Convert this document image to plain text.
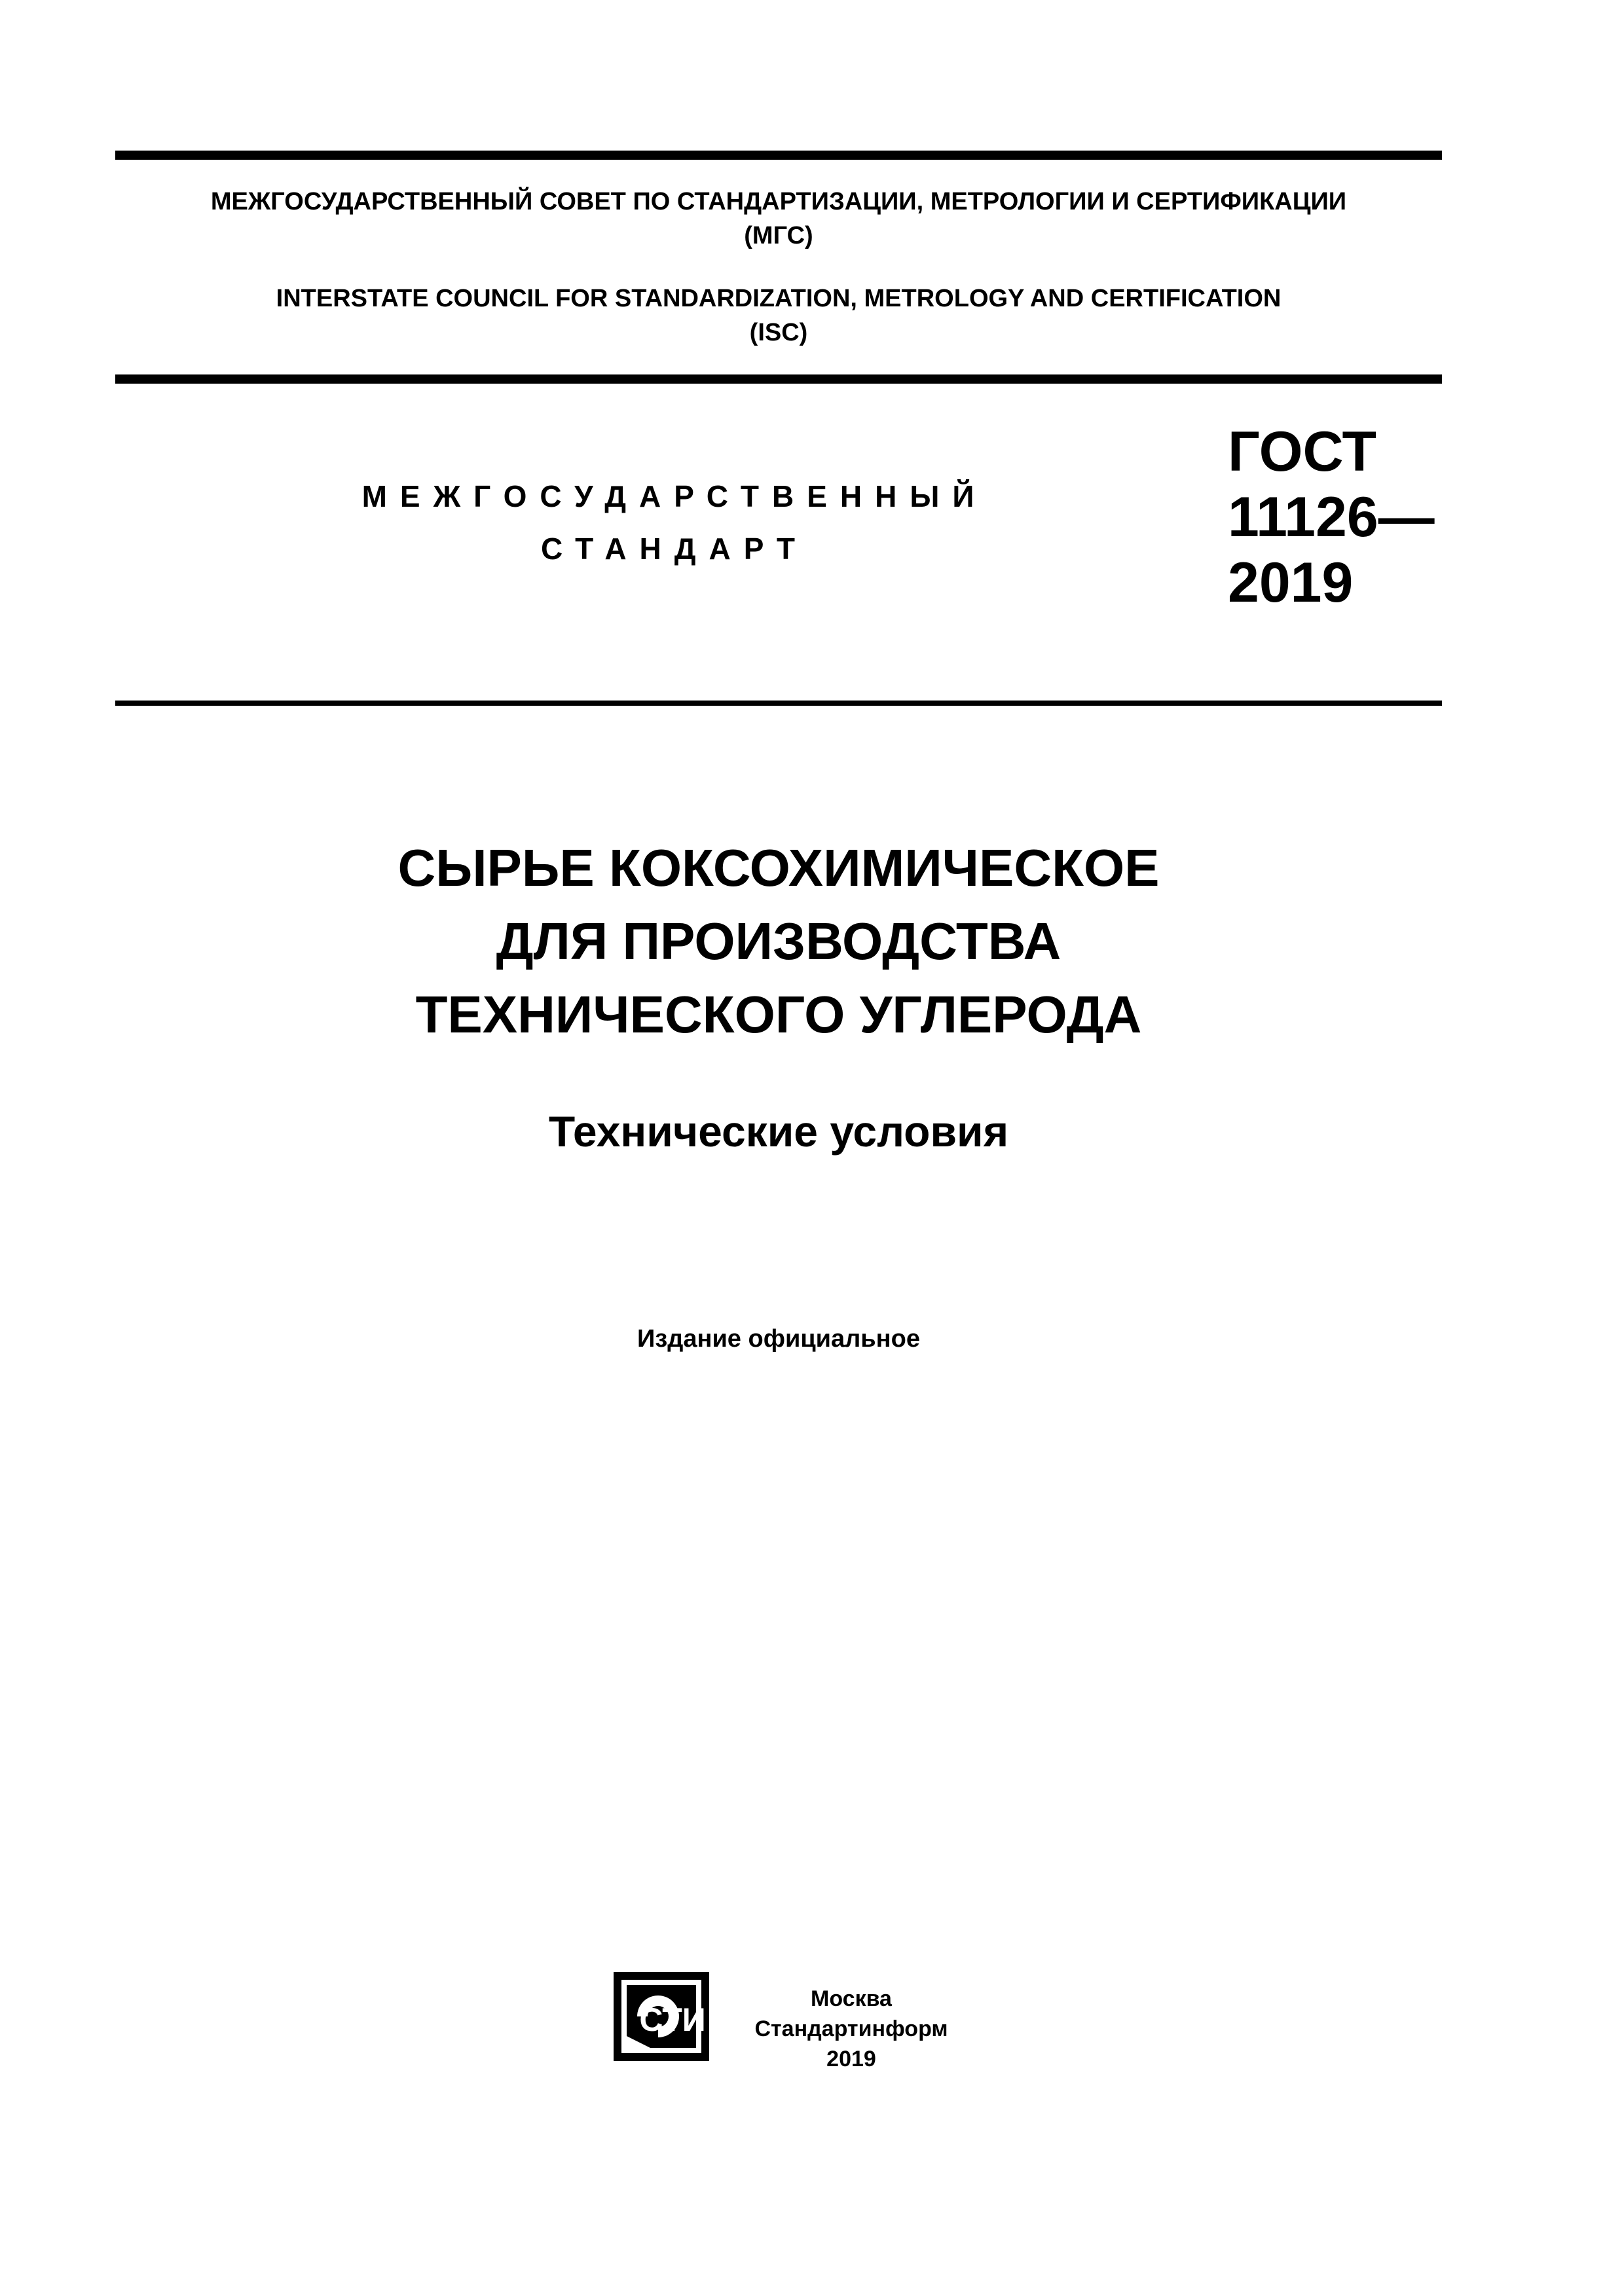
МЕЖГОСУДАРСТВЕННЫЙ СОВЕТ ПО СТАНДАРТИЗАЦИИ, МЕТРОЛОГИИ И СЕРТИФИКАЦИИ
(МГС)
INTERSTATE COUNCIL FOR STANDARDIZATION, METROLOGY AND CERTIFICATION
(ISC)
МЕЖГОСУДАРСТВЕННЫЙ
СТАНДАРТ
ГОСТ
11126—
2019
СЫРЬЕ КОКСОХИМИЧЕСКОЕ
ДЛЯ ПРОИЗВОДСТВА
ТЕХНИЧЕСКОГО УГЛЕРОДА
Технические условия
Издание официальное
СТИ
Москва
Стандартинформ
2019
